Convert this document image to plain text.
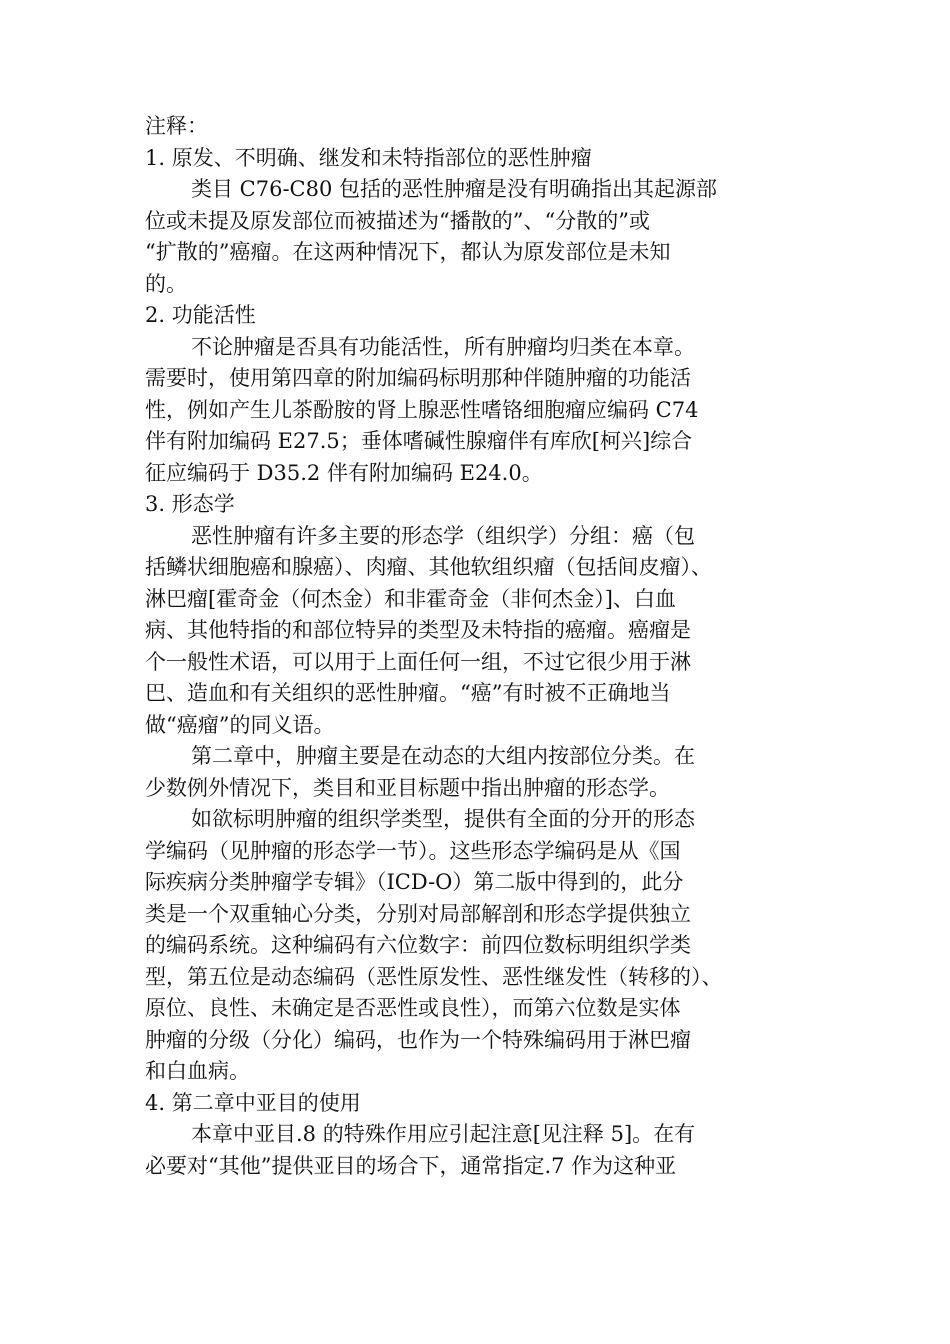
注释：
1. 原发、不明确、继发和未特指部位的恶性肿瘤
类目 C76-C80 包括的恶性肿瘤是没有明确指出其起源部
位或未提及原发部位而被描述为“播散的”、“分散的”或
“扩散的”癌瘤。在这两种情况下，都认为原发部位是未知
的。
2. 功能活性
不论肿瘤是否具有功能活性，所有肿瘤均归类在本章。
需要时，使用第四章的附加编码标明那种伴随肿瘤的功能活
性，例如产生儿茶酚胺的肾上腺恶性嗜铬细胞瘤应编码 C74
伴有附加编码 E27.5；垂体嗜碱性腺瘤伴有库欣[柯兴]综合
征应编码于 D35.2 伴有附加编码 E24.0。
3. 形态学
恶性肿瘤有许多主要的形态学（组织学）分组：癌（包
括鳞状细胞癌和腺癌）、肉瘤、其他软组织瘤（包括间皮瘤）、
淋巴瘤[霍奇金（何杰金）和非霍奇金（非何杰金）]、白血
病、其他特指的和部位特异的类型及未特指的癌瘤。癌瘤是
个一般性术语，可以用于上面任何一组，不过它很少用于淋
巴、造血和有关组织的恶性肿瘤。“癌”有时被不正确地当
做“癌瘤”的同义语。
第二章中，肿瘤主要是在动态的大组内按部位分类。在
少数例外情况下，类目和亚目标题中指出肿瘤的形态学。
如欲标明肿瘤的组织学类型，提供有全面的分开的形态
学编码（见肿瘤的形态学一节）。这些形态学编码是从《国
际疾病分类肿瘤学专辑》（ICD-O）第二版中得到的，此分
类是一个双重轴心分类，分别对局部解剖和形态学提供独立
的编码系统。这种编码有六位数字：前四位数标明组织学类
型，第五位是动态编码（恶性原发性、恶性继发性（转移的）、
原位、良性、未确定是否恶性或良性），而第六位数是实体
肿瘤的分级（分化）编码，也作为一个特殊编码用于淋巴瘤
和白血病。
4. 第二章中亚目的使用
本章中亚目.8 的特殊作用应引起注意[见注释 5]。在有
必要对“其他”提供亚目的场合下，通常指定.7 作为这种亚
